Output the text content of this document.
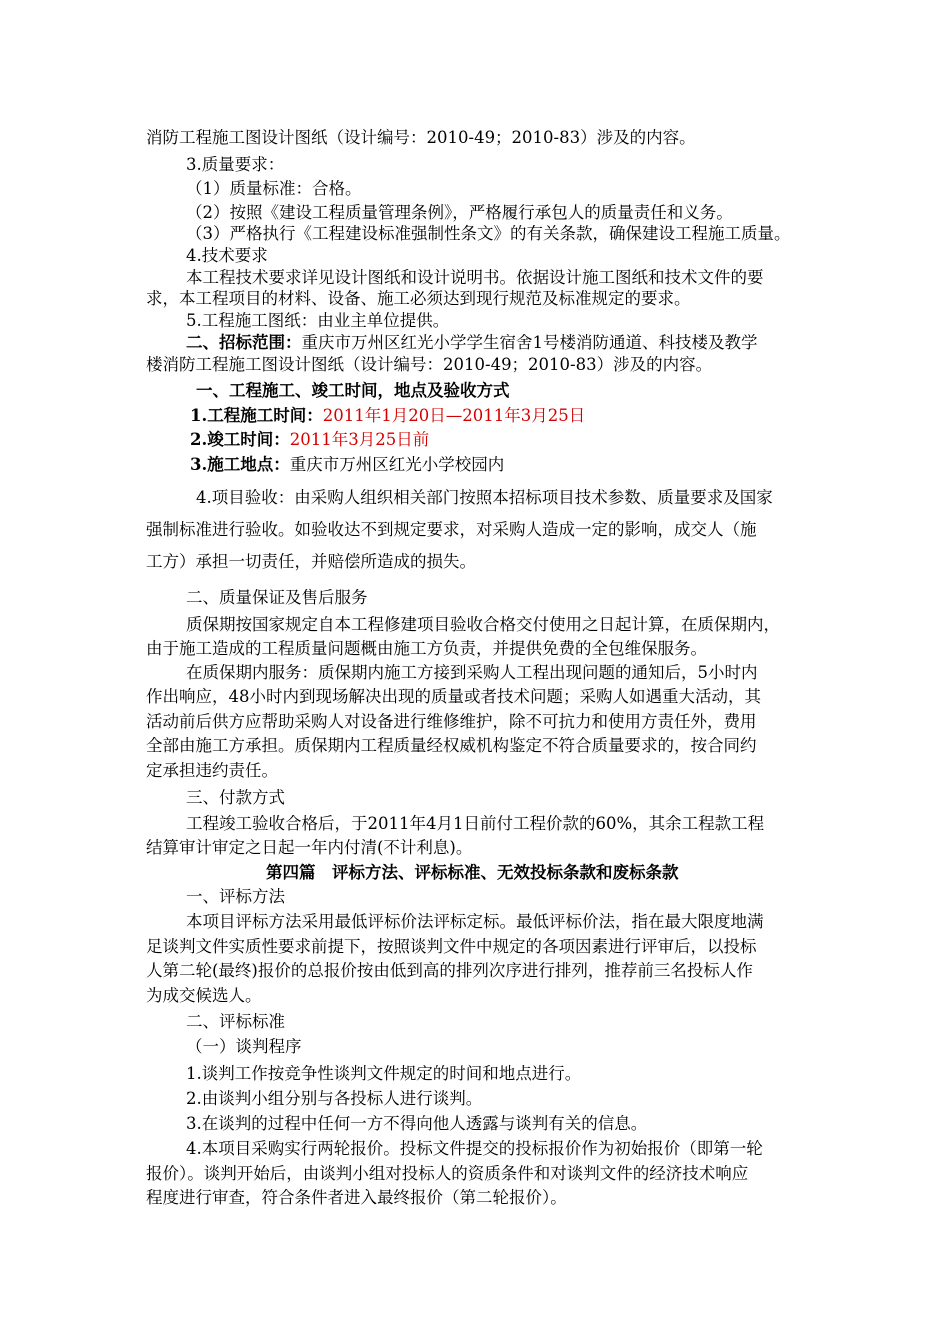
消防工程施工图设计图纸（设计编号：2010-49；2010-83）涉及的内容。
3.质量要求：
（1）质量标准：合格。
（2）按照《建设工程质量管理条例》，严格履行承包人的质量责任和义务。
（3）严格执行《工程建设标准强制性条文》的有关条款，确保建设工程施工质量。
4.技术要求
本工程技术要求详见设计图纸和设计说明书。依据设计施工图纸和技术文件的要
求，本工程项目的材料、设备、施工必须达到现行规范及标准规定的要求。
5.工程施工图纸：由业主单位提供。
二、招标范围：重庆市万州区红光小学学生宿舍1号楼消防通道、科技楼及教学
楼消防工程施工图设计图纸（设计编号：2010-49；2010-83）涉及的内容。
一、工程施工、竣工时间，地点及验收方式
1.工程施工时间：2011年1月20日—2011年3月25日
2.竣工时间：2011年3月25日前
3.施工地点：重庆市万州区红光小学校园内
4.项目验收：由采购人组织相关部门按照本招标项目技术参数、质量要求及国家
强制标准进行验收。如验收达不到规定要求，对采购人造成一定的影响，成交人（施
工方）承担一切责任，并赔偿所造成的损失。
二、质量保证及售后服务
质保期按国家规定自本工程修建项目验收合格交付使用之日起计算，在质保期内，
由于施工造成的工程质量问题概由施工方负责，并提供免费的全包维保服务。
在质保期内服务：质保期内施工方接到采购人工程出现问题的通知后，5小时内
作出响应，48小时内到现场解决出现的质量或者技术问题；采购人如遇重大活动，其
活动前后供方应帮助采购人对设备进行维修维护，除不可抗力和使用方责任外，费用
全部由施工方承担。质保期内工程质量经权威机构鉴定不符合质量要求的，按合同约
定承担违约责任。
三、付款方式
工程竣工验收合格后，于2011年4月1日前付工程价款的60%，其余工程款工程
结算审计审定之日起一年内付清(不计利息)。
第四篇　评标方法、评标标准、无效投标条款和废标条款
一、评标方法
本项目评标方法采用最低评标价法评标定标。最低评标价法，指在最大限度地满
足谈判文件实质性要求前提下，按照谈判文件中规定的各项因素进行评审后，以投标
人第二轮(最终)报价的总报价按由低到高的排列次序进行排列，推荐前三名投标人作
为成交候选人。
二、评标标准
（一）谈判程序
1.谈判工作按竞争性谈判文件规定的时间和地点进行。
2.由谈判小组分别与各投标人进行谈判。
3.在谈判的过程中任何一方不得向他人透露与谈判有关的信息。
4.本项目采购实行两轮报价。投标文件提交的投标报价作为初始报价（即第一轮
报价）。谈判开始后，由谈判小组对投标人的资质条件和对谈判文件的经济技术响应
程度进行审查，符合条件者进入最终报价（第二轮报价）。
